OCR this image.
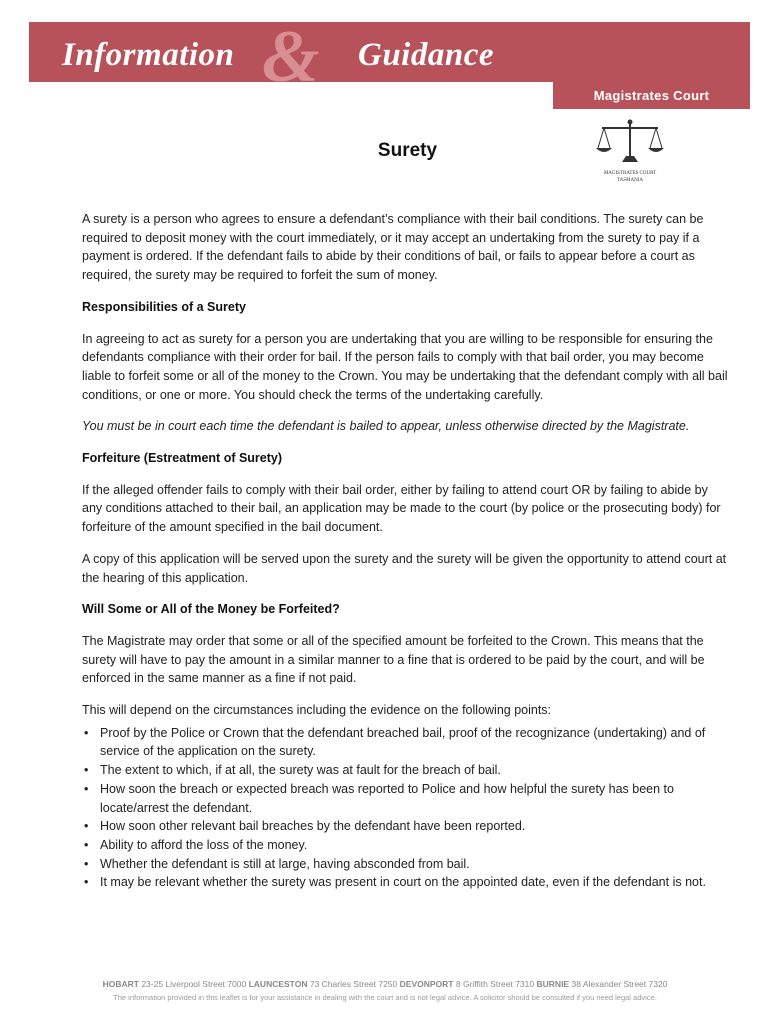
Information & Guidance
Magistrates Court
Surety
MAGISTRATES COURT
TASMANIA

A surety is a person who agrees to ensure a defendant’s compliance with their bail conditions. The surety can be required to deposit money with the court immediately, or it may accept an undertaking from the surety to pay if a payment is ordered. If the defendant fails to abide by their conditions of bail, or fails to appear before a court as required, the surety may be required to forfeit the sum of money.

Responsibilities of a Surety

In agreeing to act as surety for a person you are undertaking that you are willing to be responsible for ensuring the defendants compliance with their order for bail. If the person fails to comply with that bail order, you may become liable to forfeit some or all of the money to the Crown. You may be undertaking that the defendant comply with all bail conditions, or one or more. You should check the terms of the undertaking carefully.

You must be in court each time the defendant is bailed to appear, unless otherwise directed by the Magistrate.

Forfeiture (Estreatment of Surety)

If the alleged offender fails to comply with their bail order, either by failing to attend court OR by failing to abide by any conditions attached to their bail, an application may be made to the court (by police or the prosecuting body) for forfeiture of the amount specified in the bail document.

A copy of this application will be served upon the surety and the surety will be given the opportunity to attend court at the hearing of this application.

Will Some or All of the Money be Forfeited?

The Magistrate may order that some or all of the specified amount be forfeited to the Crown. This means that the surety will have to pay the amount in a similar manner to a fine that is ordered to be paid by the court, and will be enforced in the same manner as a fine if not paid.

This will depend on the circumstances including the evidence on the following points:

• Proof by the Police or Crown that the defendant breached bail, proof of the recognizance (undertaking) and of service of the application on the surety.
• The extent to which, if at all, the surety was at fault for the breach of bail.
• How soon the breach or expected breach was reported to Police and how helpful the surety has been to locate/arrest the defendant.
• How soon other relevant bail breaches by the defendant have been reported.
• Ability to afford the loss of the money.
• Whether the defendant is still at large, having absconded from bail.
• It may be relevant whether the surety was present in court on the appointed date, even if the defendant is not.
HOBART 23-25 Liverpool Street 7000 LAUNCESTON 73 Charles Street 7250 DEVONPORT 8 Griffith Street 7310 BURNIE 38 Alexander Street 7320
The information provided in this leaflet is for your assistance in dealing with the court and is not legal advice. A solicitor should be consulted if you need legal advice.
